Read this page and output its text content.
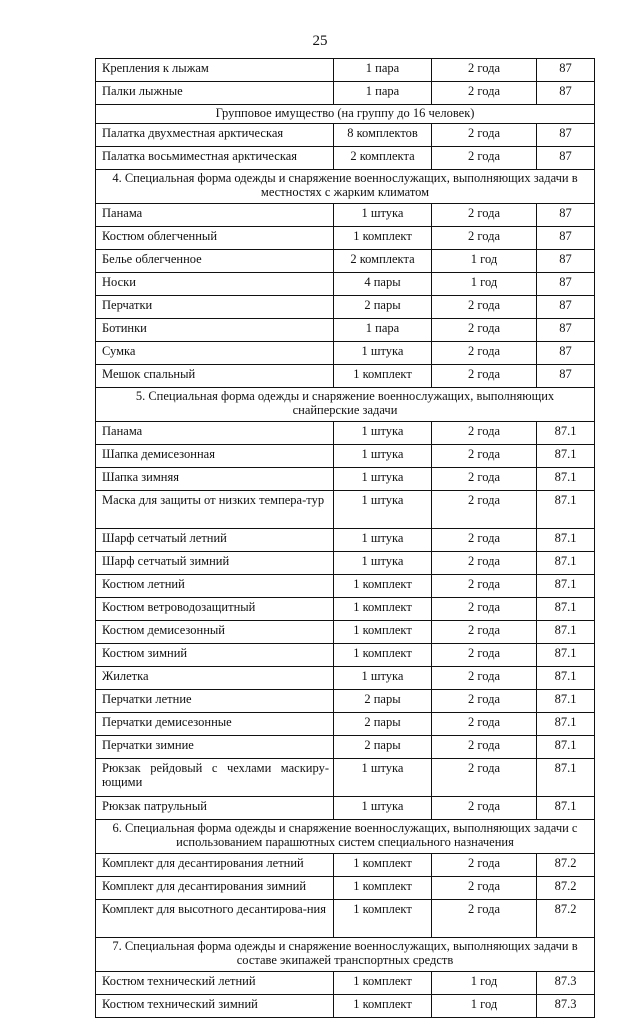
25
Крепления к лыжам	1 пара	2 года	87
Палки лыжные	1 пара	2 года	87
Групповое имущество (на группу до 16 человек)			
Палатка двухместная арктическая	8 комплектов	2 года	87
Палатка восьмиместная арктическая	2 комплекта	2 года	87
4. Специальная форма одежды и снаряжение военнослужащих, выполняющих задачи в местностях с жарким климатом			
Панама	1 штука	2 года	87
Костюм облегченный	1 комплект	2 года	87
Белье облегченное	2 комплекта	1 год	87
Носки	4 пары	1 год	87
Перчатки	2 пары	2 года	87
Ботинки	1 пара	2 года	87
Сумка	1 штука	2 года	87
Мешок спальный	1 комплект	2 года	87
5. Специальная форма одежды и снаряжение военнослужащих, выполняющих снайперские задачи			
Панама	1 штука	2 года	87.1
Шапка демисезонная	1 штука	2 года	87.1
Шапка зимняя	1 штука	2 года	87.1
Маска для защиты от низких темпера-тур	1 штука	2 года	87.1
Шарф сетчатый летний	1 штука	2 года	87.1
Шарф сетчатый зимний	1 штука	2 года	87.1
Костюм летний	1 комплект	2 года	87.1
Костюм ветроводозащитный	1 комплект	2 года	87.1
Костюм демисезонный	1 комплект	2 года	87.1
Костюм зимний	1 комплект	2 года	87.1
Жилетка	1 штука	2 года	87.1
Перчатки летние	2 пары	2 года	87.1
Перчатки демисезонные	2 пары	2 года	87.1
Перчатки зимние	2 пары	2 года	87.1
Рюкзак рейдовый с чехлами маскиру-ющими	1 штука	2 года	87.1
Рюкзак патрульный	1 штука	2 года	87.1
6. Специальная форма одежды и снаряжение военнослужащих, выполняющих задачи с использованием парашютных систем специального назначения			
Комплект для десантирования летний	1 комплект	2 года	87.2
Комплект для десантирования зимний	1 комплект	2 года	87.2
Комплект для высотного десантирова-ния	1 комплект	2 года	87.2
7. Специальная форма одежды и снаряжение военнослужащих, выполняющих задачи в составе экипажей транспортных средств			
Костюм технический летний	1 комплект	1 год	87.3
Костюм технический зимний	1 комплект	1 год	87.3
